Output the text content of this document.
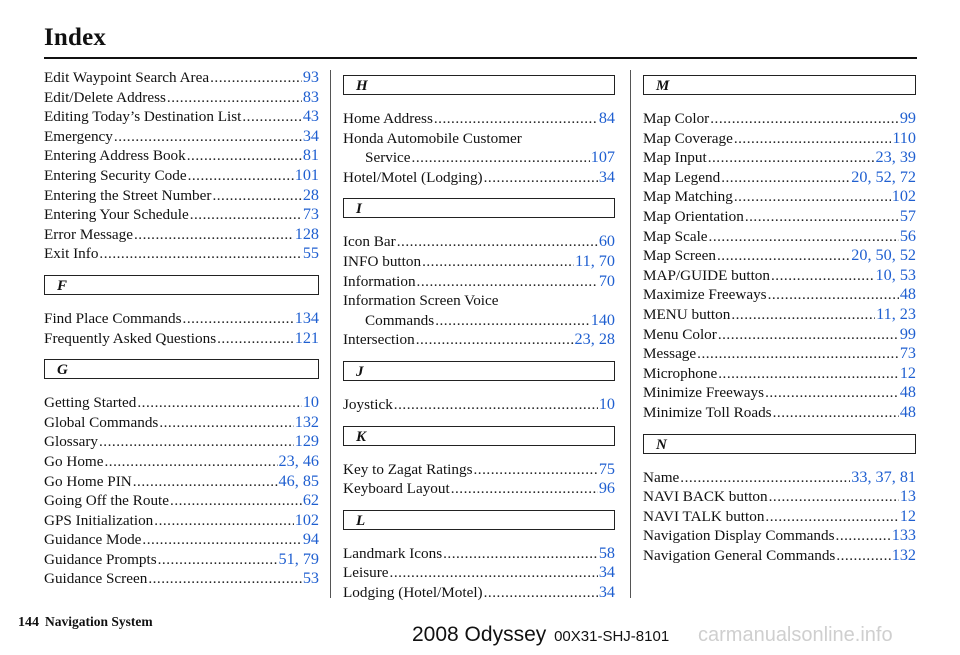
Index
Edit Waypoint Search Area .....	93
Edit/Delete Address .....	83
Editing Today’s Destination List .....	43
Emergency .....	34
Entering Address Book .....	81
Entering Security Code .....	101
Entering the Street Number .....	28
Entering Your Schedule .....	73
Error Message .....	128
Exit Info .....	55
F
Find Place Commands .....	134
Frequently Asked Questions .....	121
G
Getting Started .....	10
Global Commands .....	132
Glossary .....	129
Go Home .....	23, 46
Go Home PIN .....	46, 85
Going Off the Route .....	62
GPS Initialization .....	102
Guidance Mode .....	94
Guidance Prompts .....	51, 79
Guidance Screen .....	53
H
Home Address .....	84
Honda Automobile Customer
Service .....	107
Hotel/Motel (Lodging) .....	34
I
Icon Bar .....	60
INFO button .....	11, 70
Information .....	70
Information Screen Voice
Commands .....	140
Intersection .....	23, 28
J
Joystick .....	10
K
Key to Zagat Ratings .....	75
Keyboard Layout .....	96
L
Landmark Icons .....	58
Leisure .....	34
Lodging (Hotel/Motel) .....	34
M
Map Color .....	99
Map Coverage .....	110
Map Input .....	23, 39
Map Legend .....	20, 52, 72
Map Matching .....	102
Map Orientation .....	57
Map Scale .....	56
Map Screen .....	20, 50, 52
MAP/GUIDE button .....	10, 53
Maximize Freeways .....	48
MENU button .....	11, 23
Menu Color .....	99
Message .....	73
Microphone .....	12
Minimize Freeways .....	48
Minimize Toll Roads .....	48
N
Name .....	33, 37, 81
NAVI BACK button .....	13
NAVI TALK button .....	12
Navigation Display Commands .....	133
Navigation General Commands .....	132
144 Navigation System
2008 Odyssey 00X31-SHJ-8101 carmanualsonline.info
